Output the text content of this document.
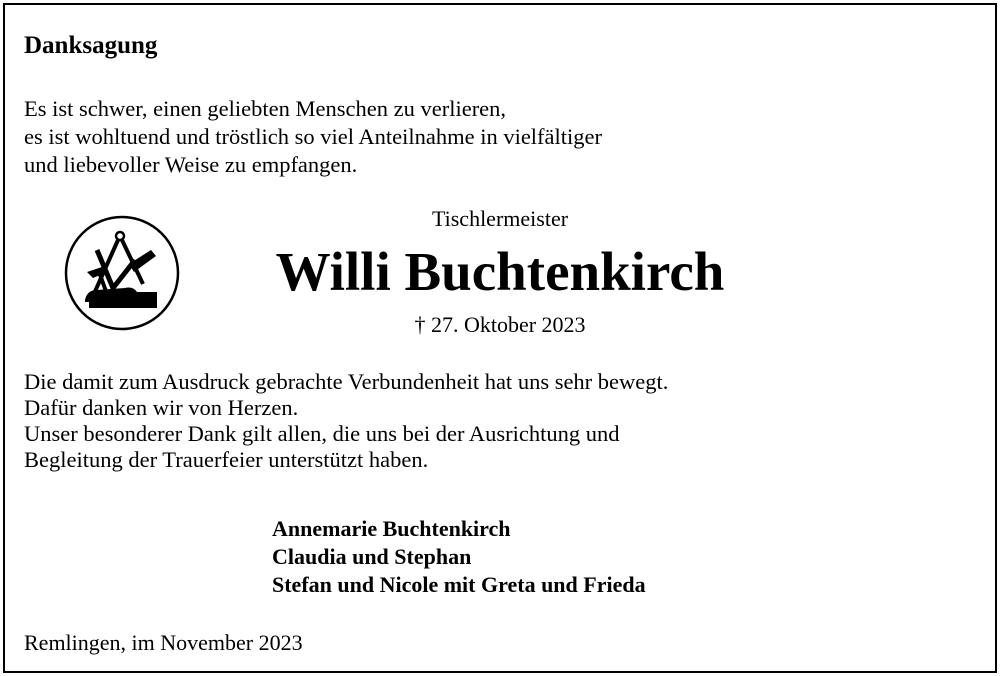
Danksagung
Es ist schwer, einen geliebten Menschen zu verlieren,
es ist wohltuend und tröstlich so viel Anteilnahme in vielfältiger
und liebevoller Weise zu empfangen.
Tischlermeister
Willi Buchtenkirch
† 27. Oktober 2023
Die damit zum Ausdruck gebrachte Verbundenheit hat uns sehr bewegt.
Dafür danken wir von Herzen.
Unser besonderer Dank gilt allen, die uns bei der Ausrichtung und
Begleitung der Trauerfeier unterstützt haben.
Annemarie Buchtenkirch
Claudia und Stephan
Stefan und Nicole mit Greta und Frieda
Remlingen, im November 2023
